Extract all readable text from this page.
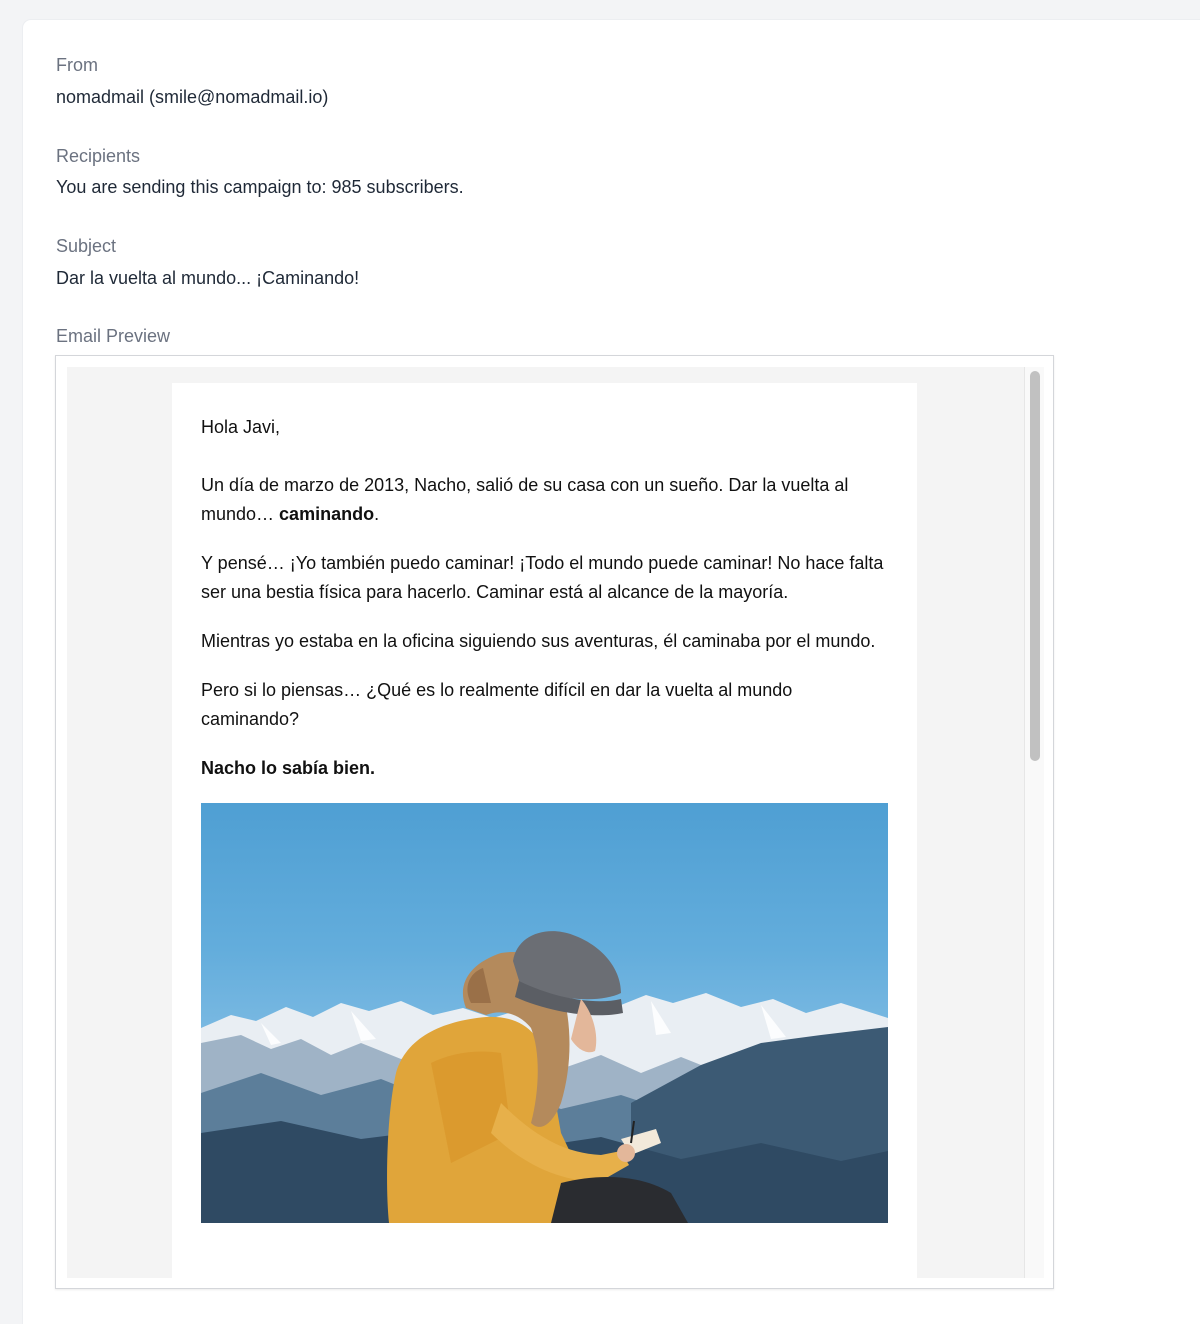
From
nomadmail (smile@nomadmail.io)
Recipients
You are sending this campaign to: 985 subscribers.
Subject
Dar la vuelta al mundo... ¡Caminando!
Email Preview

Hola Javi,

Un día de marzo de 2013, Nacho, salió de su casa con un sueño. Dar la vuelta al mundo… caminando.

Y pensé… ¡Yo también puedo caminar! ¡Todo el mundo puede caminar! No hace falta ser una bestia física para hacerlo. Caminar está al alcance de la mayoría.

Mientras yo estaba en la oficina siguiendo sus aventuras, él caminaba por el mundo.

Pero si lo piensas… ¿Qué es lo realmente difícil en dar la vuelta al mundo caminando?

Nacho lo sabía bien.
